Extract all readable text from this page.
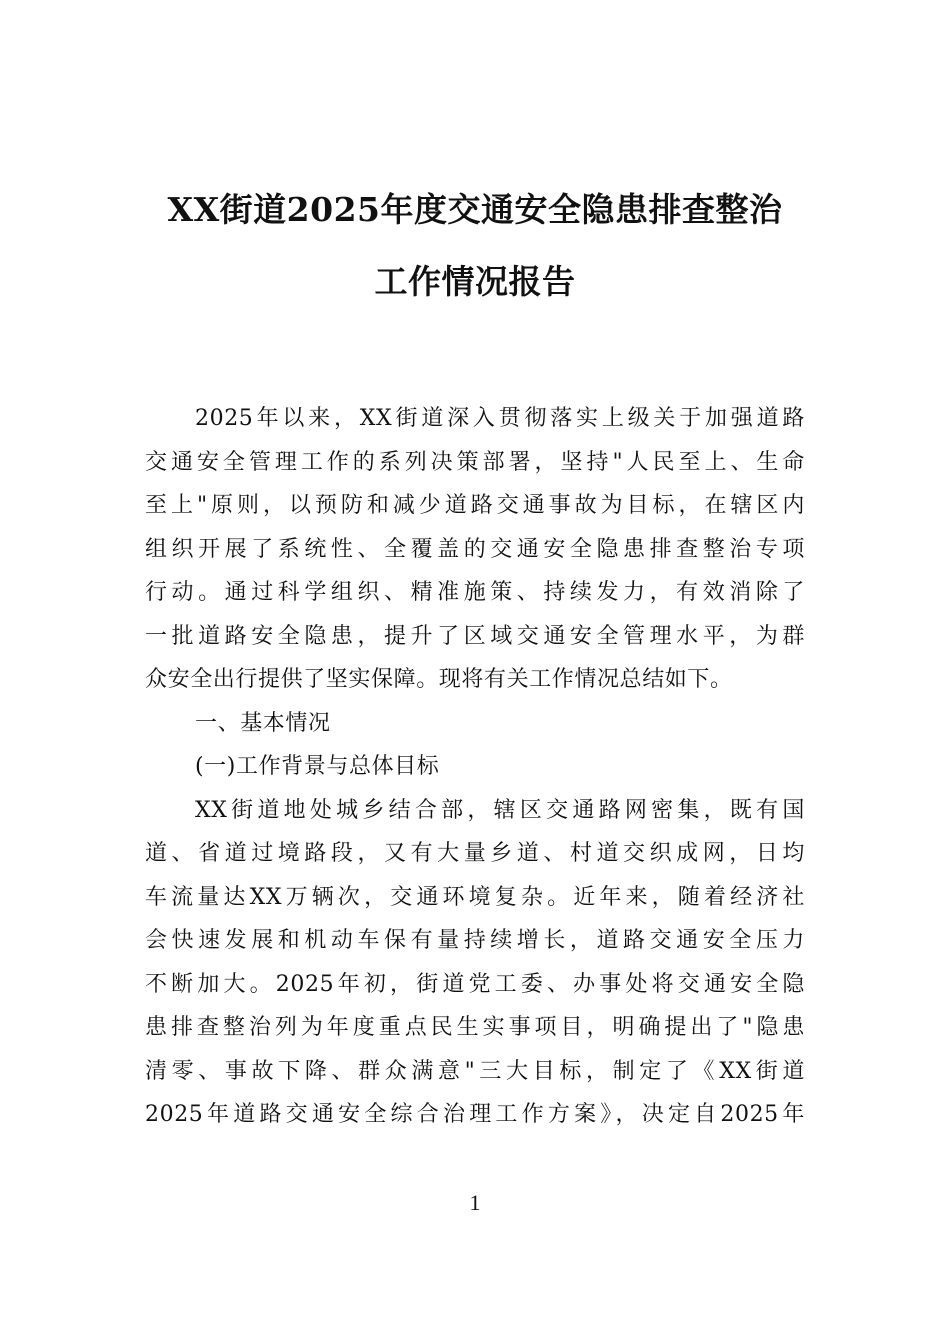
XX街道2025年度交通安全隐患排查整治
工作情况报告
2025年以来，XX街道深入贯彻落实上级关于加强道路
交通安全管理工作的系列决策部署，坚持"人民至上、生命
至上"原则，以预防和减少道路交通事故为目标，在辖区内
组织开展了系统性、全覆盖的交通安全隐患排查整治专项
行动。通过科学组织、精准施策、持续发力，有效消除了
一批道路安全隐患，提升了区域交通安全管理水平，为群
众安全出行提供了坚实保障。现将有关工作情况总结如下。
一、基本情况
(一)工作背景与总体目标
XX街道地处城乡结合部，辖区交通路网密集，既有国
道、省道过境路段，又有大量乡道、村道交织成网，日均
车流量达XX万辆次，交通环境复杂。近年来，随着经济社
会快速发展和机动车保有量持续增长，道路交通安全压力
不断加大。2025年初，街道党工委、办事处将交通安全隐
患排查整治列为年度重点民生实事项目，明确提出了"隐患
清零、事故下降、群众满意"三大目标，制定了《XX街道
2025年道路交通安全综合治理工作方案》，决定自2025年
1
